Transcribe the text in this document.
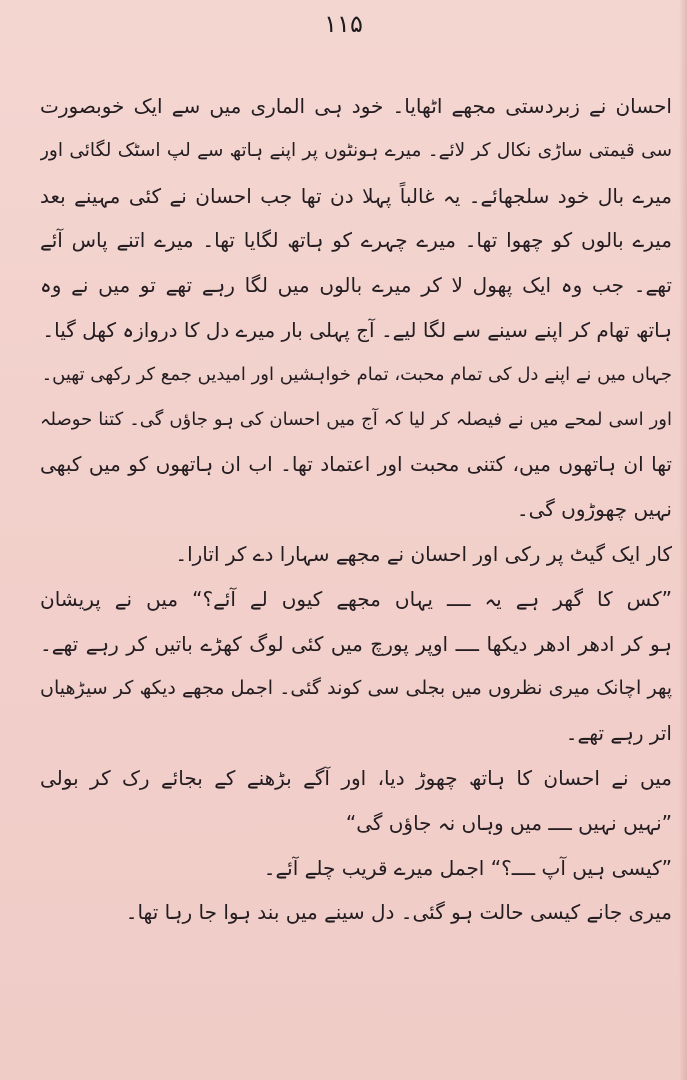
۱۱۵
احسان نے زبردستی مجھے اٹھایا۔ خود ہی الماری میں سے ایک خوبصورت
سی قیمتی ساڑی نکال کر لائے۔ میرے ہونٹوں پر اپنے ہاتھ سے لپ اسٹک لگائی اور
میرے بال خود سلجھائے۔ یہ غالباً پہلا دن تھا جب احسان نے کئی مہینے بعد
میرے بالوں کو چھوا تھا۔ میرے چہرے کو ہاتھ لگایا تھا۔ میرے اتنے پاس آئے
تھے۔ جب وہ ایک پھول لا کر میرے بالوں میں لگا رہے تھے تو میں نے وہ
ہاتھ تھام کر اپنے سینے سے لگا لیے۔ آج پہلی بار میرے دل کا دروازہ کھل گیا۔
جہاں میں نے اپنے دل کی تمام محبت، تمام خواہشیں اور امیدیں جمع کر رکھی تھیں۔
اور اسی لمحے میں نے فیصلہ کر لیا کہ آج میں احسان کی ہو جاؤں گی۔ کتنا حوصلہ
تھا ان ہاتھوں میں، کتنی محبت اور اعتماد تھا۔ اب ان ہاتھوں کو میں کبھی
نہیں چھوڑوں گی۔
کار ایک گیٹ پر رکی اور احسان نے مجھے سہارا دے کر اتارا۔
”کس کا گھر ہے یہ ــــ یہاں مجھے کیوں لے آئے؟“ میں نے پریشان
ہو کر ادھر ادھر دیکھا ــــ اوپر پورچ میں کئی لوگ کھڑے باتیں کر رہے تھے۔
پھر اچانک میری نظروں میں بجلی سی کوند گئی۔ اجمل مجھے دیکھ کر سیڑھیاں
اتر رہے تھے۔
میں نے احسان کا ہاتھ چھوڑ دیا، اور آگے بڑھنے کے بجائے رک کر بولی
”نہیں نہیں ــــ میں وہاں نہ جاؤں گی“
”کیسی ہیں آپ ــــ؟“ اجمل میرے قریب چلے آئے۔
میری جانے کیسی حالت ہو گئی۔ دل سینے میں بند ہوا جا رہا تھا۔
